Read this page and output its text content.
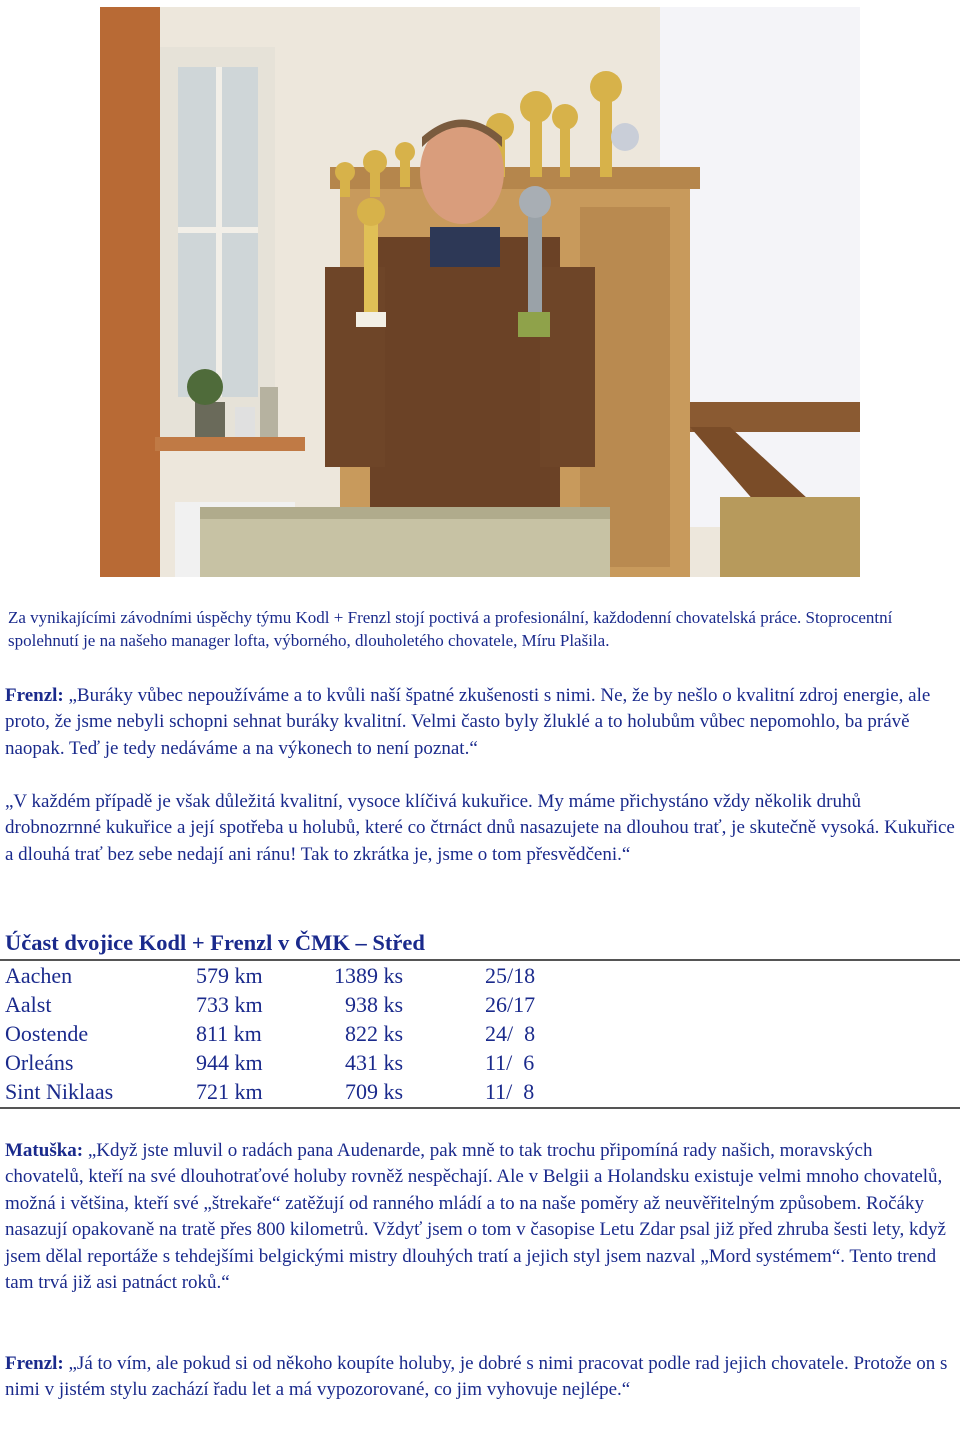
Za vynikajícími závodními úspěchy týmu Kodl + Frenzl stojí poctivá a profesionální, každodenní chovatelská práce. Stoprocentní spolehnutí je na našeho manager lofta, výborného, dlouholetého chovatele, Míru Plašila.
Frenzl: „Buráky vůbec nepoužíváme a to kvůli naší špatné zkušenosti s nimi. Ne, že by nešlo o kvalitní zdroj energie, ale proto, že jsme nebyli schopni sehnat buráky kvalitní. Velmi často byly žluklé a to holubům vůbec nepomohlo, ba právě naopak. Teď je tedy nedáváme a na výkonech to není poznat.“
„V každém případě je však důležitá kvalitní, vysoce klíčivá kukuřice. My máme přichystáno vždy několik druhů drobnozrnné kukuřice a její spotřeba u holubů, které co čtrnáct dnů nasazujete na dlouhou trať, je skutečně vysoká. Kukuřice a dlouhá trať bez sebe nedají ani ránu! Tak to zkrátka je, jsme o tom přesvědčeni.“
Účast dvojice Kodl + Frenzl v ČMK – Střed
Aachen	579 km	1389 ks	25/18
Aalst	733 km	938 ks	26/17
Oostende	811 km	822 ks	24/  8
Orleáns	944 km	431 ks	11/  6
Sint Niklaas	721 km	709 ks	11/  8
Matuška: „Když jste mluvil o radách pana Audenarde, pak mně to tak trochu připomíná rady našich, moravských chovatelů, kteří na své dlouhotraťové holuby rovněž nespěchají. Ale v Belgii a Holandsku existuje velmi mnoho chovatelů, možná i většina, kteří své „štrekaře“ zatěžují od ranného mládí a to na naše poměry až neuvěřitelným způsobem. Ročáky nasazují opakovaně na tratě přes 800 kilometrů. Vždyť jsem o tom v časopise Letu Zdar psal již před zhruba šesti lety, když jsem dělal reportáže s tehdejšími belgickými mistry dlouhých tratí a jejich styl jsem nazval „Mord systémem“. Tento trend tam trvá již asi patnáct roků.“
Frenzl: „Já to vím, ale pokud si od někoho koupíte holuby, je dobré s nimi pracovat podle rad jejich chovatele. Protože on s nimi v jistém stylu zachází řadu let a má vypozorované, co jim vyhovuje nejlépe.“
